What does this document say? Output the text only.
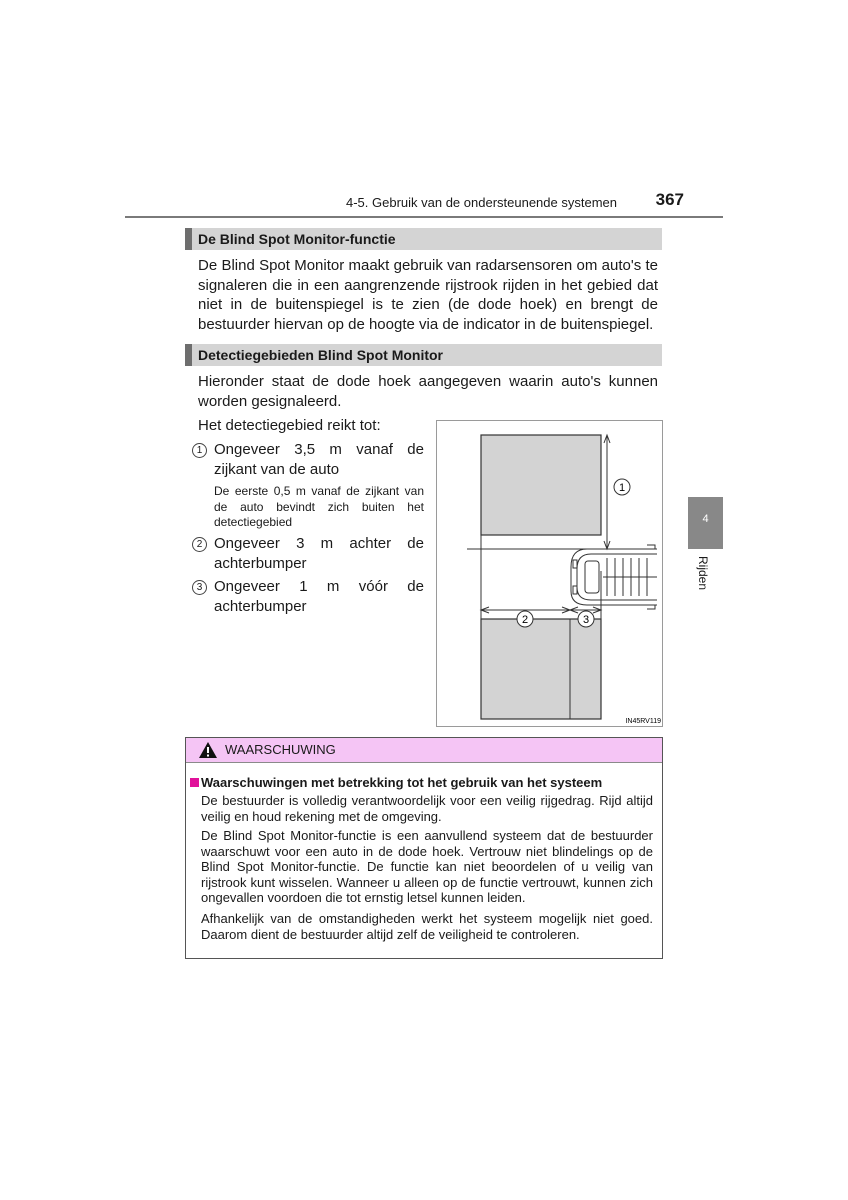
4-5. Gebruik van de ondersteunende systemen	367
4
Rijden
De Blind Spot Monitor-functie
De Blind Spot Monitor maakt gebruik van radarsensoren om auto's te signaleren die in een aangrenzende rijstrook rijden in het gebied dat niet in de buitenspiegel is te zien (de dode hoek) en brengt de bestuurder hiervan op de hoogte via de indicator in de buitenspiegel.
Detectiegebieden Blind Spot Monitor
Hieronder staat de dode hoek aangegeven waarin auto's kunnen worden gesignaleerd.
Het detectiegebied reikt tot:
1 Ongeveer 3,5 m vanaf de zijkant van de auto
De eerste 0,5 m vanaf de zijkant van de auto bevindt zich buiten het detectiegebied
2 Ongeveer 3 m achter de achterbumper
3 Ongeveer 1 m vóór de achterbumper
1
2	3
IN45RV119
WAARSCHUWING
Waarschuwingen met betrekking tot het gebruik van het systeem
De bestuurder is volledig verantwoordelijk voor een veilig rijgedrag. Rijd altijd veilig en houd rekening met de omgeving.
De Blind Spot Monitor-functie is een aanvullend systeem dat de bestuurder waarschuwt voor een auto in de dode hoek. Vertrouw niet blindelings op de Blind Spot Monitor-functie. De functie kan niet beoordelen of u veilig van rijstrook kunt wisselen. Wanneer u alleen op de functie vertrouwt, kunnen zich ongevallen voordoen die tot ernstig letsel kunnen leiden.
Afhankelijk van de omstandigheden werkt het systeem mogelijk niet goed. Daarom dient de bestuurder altijd zelf de veiligheid te controleren.
